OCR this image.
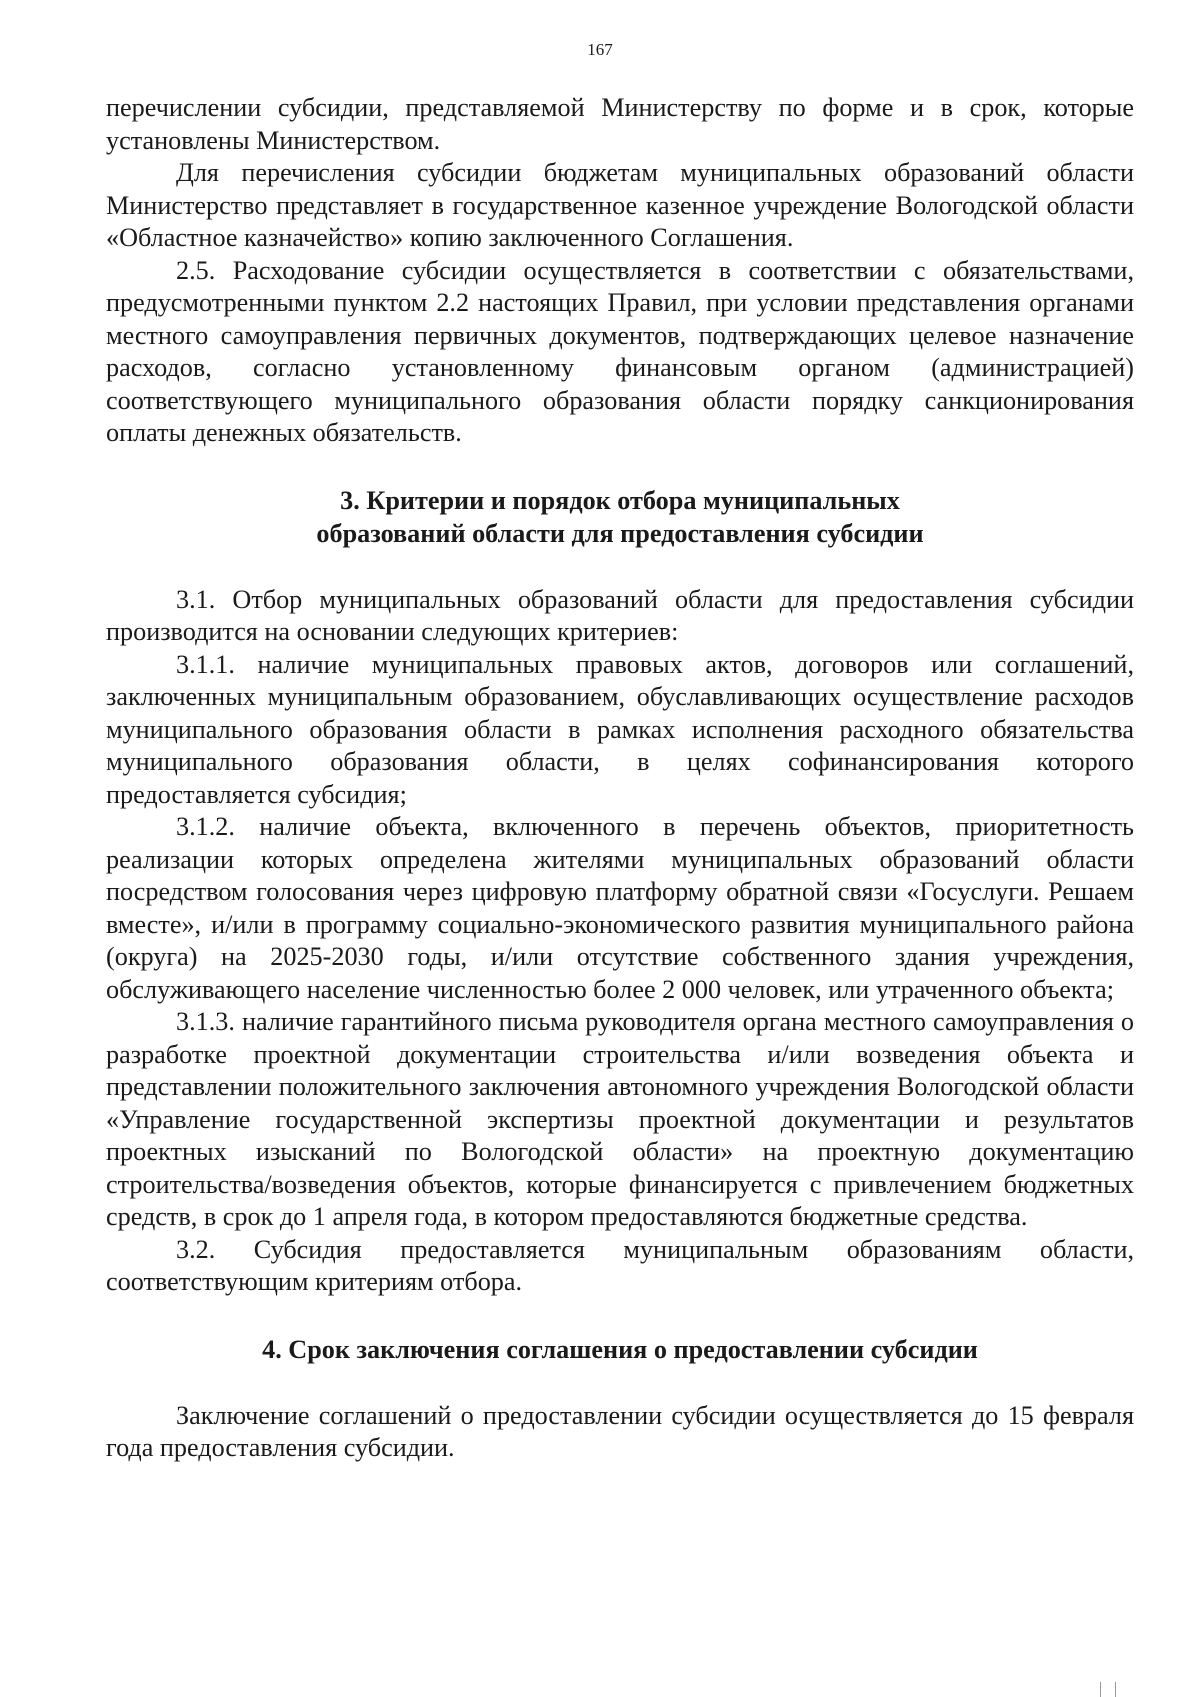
167

перечислении субсидии, представляемой Министерству по форме и в срок, которые установлены Министерством.

Для перечисления субсидии бюджетам муниципальных образований области Министерство представляет в государственное казенное учреждение Вологодской области «Областное казначейство» копию заключенного Соглашения.

2.5. Расходование субсидии осуществляется в соответствии с обязательствами, предусмотренными пунктом 2.2 настоящих Правил, при условии представления органами местного самоуправления первичных документов, подтверждающих целевое назначение расходов, согласно установленному финансовым органом (администрацией) соответствующего муниципального образования области порядку санкционирования оплаты денежных обязательств.

3. Критерии и порядок отбора муниципальных
образований области для предоставления субсидии

3.1. Отбор муниципальных образований области для предоставления субсидии производится на основании следующих критериев:

3.1.1. наличие муниципальных правовых актов, договоров или соглашений, заключенных муниципальным образованием, обуславливающих осуществление расходов муниципального образования области в рамках исполнения расходного обязательства муниципального образования области, в целях софинансирования которого предоставляется субсидия;

3.1.2. наличие объекта, включенного в перечень объектов, приоритетность реализации которых определена жителями муниципальных образований области посредством голосования через цифровую платформу обратной связи «Госуслуги. Решаем вместе», и/или в программу социально-экономического развития муниципального района (округа) на 2025-2030 годы, и/или отсутствие собственного здания учреждения, обслуживающего население численностью более 2 000 человек, или утраченного объекта;

3.1.3. наличие гарантийного письма руководителя органа местного самоуправления о разработке проектной документации строительства и/или возведения объекта и представлении положительного заключения автономного учреждения Вологодской области «Управление государственной экспертизы проектной документации и результатов проектных изысканий по Вологодской области» на проектную документацию строительства/возведения объектов, которые финансируется с привлечением бюджетных средств, в срок до 1 апреля года, в котором предоставляются бюджетные средства.

3.2. Субсидия предоставляется муниципальным образованиям области, соответствующим критериям отбора.

4. Срок заключения соглашения о предоставлении субсидии

Заключение соглашений о предоставлении субсидии осуществляется до 15 февраля года предоставления субсидии.
